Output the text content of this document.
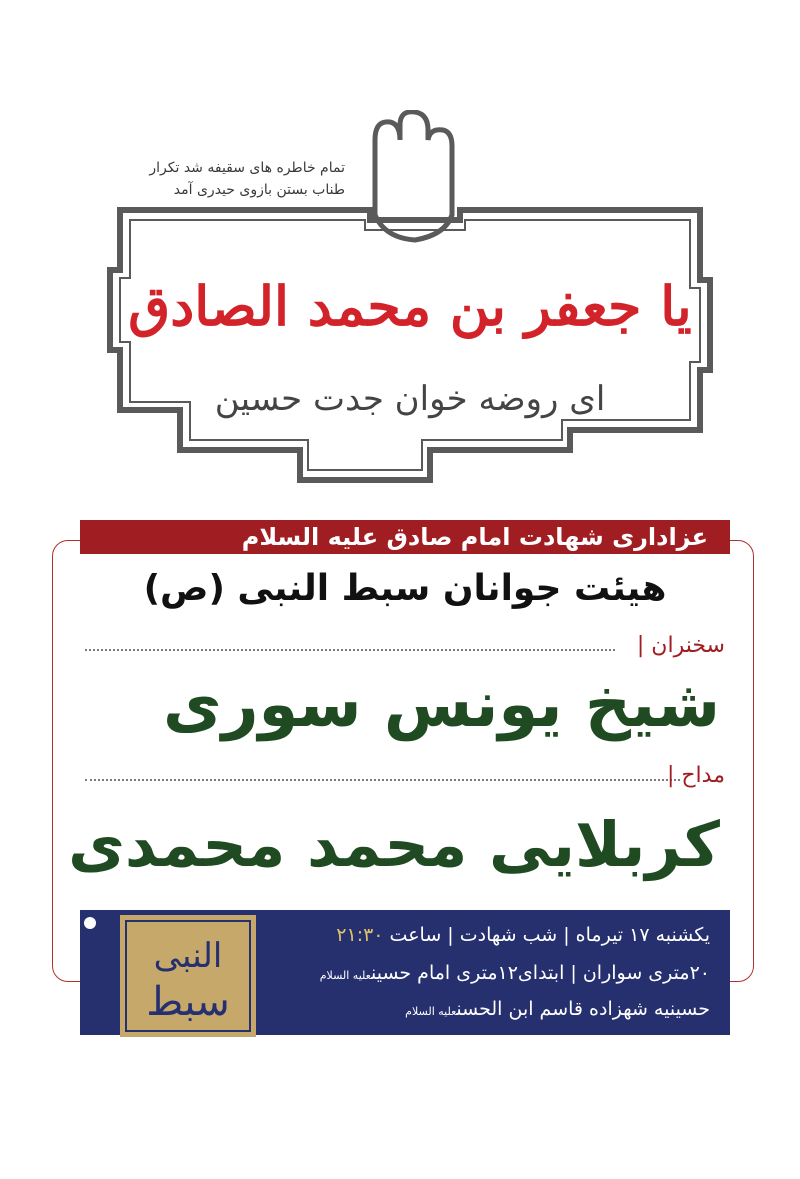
یا جعفر بن محمد الصادق
ای روضه خوان جدت حسین
تمام خاطره های سقیفه شد تکرار
طناب بستن بازوی حیدری آمد
عزاداری شهادت امام صادق علیه السلام
هیئت جوانان سبط النبی (ص)
سخنران |
شیخ یونس سوری
مداح |
کربلایی محمد محمدی
النبی
سبط
یکشنبه ۱۷ تیرماه | شب شهادت | ساعت ۲۱:۳۰
۲۰متری سواران | ابتدای۱۲متری امام حسینعلیه السلام
حسینیه شهزاده قاسم ابن الحسنعلیه السلام
